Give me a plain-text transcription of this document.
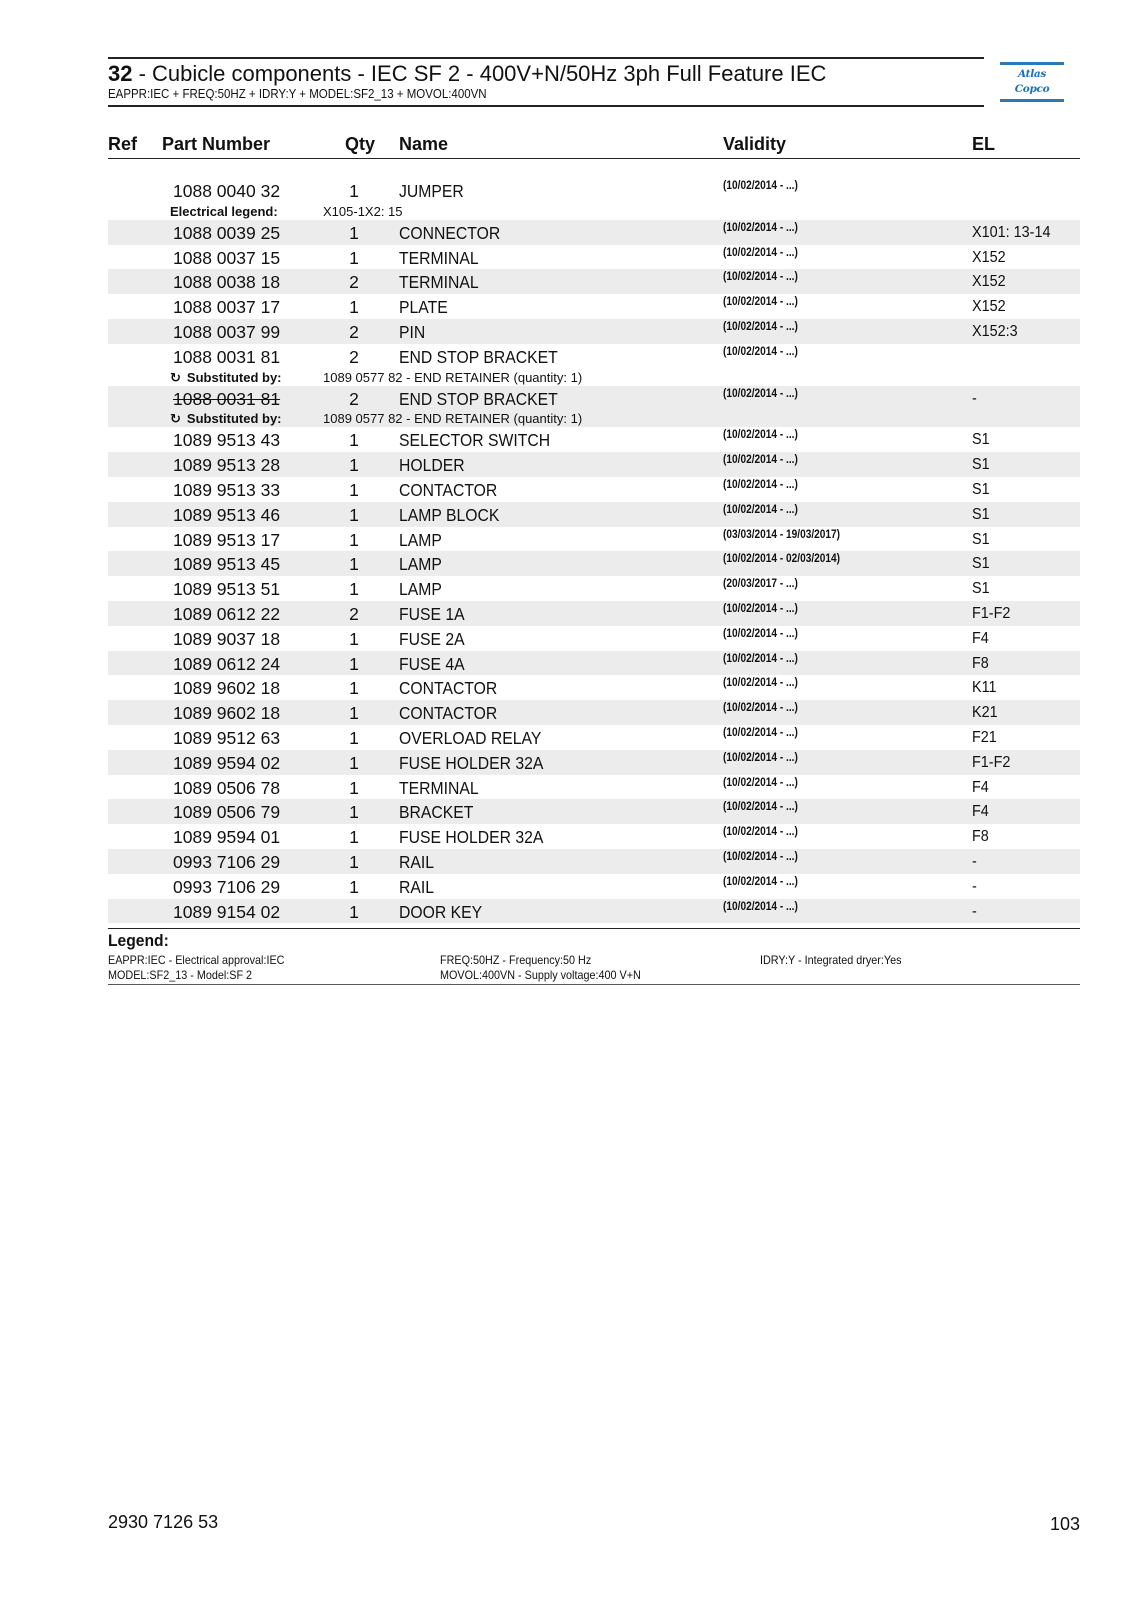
32 - Cubicle components - IEC SF 2 - 400V+N/50Hz 3ph Full Feature IEC
EAPPR:IEC + FREQ:50HZ + IDRY:Y + MODEL:SF2_13 + MOVOL:400VN
Atlas Copco
Ref Part Number	Qty Name	Validity	EL
1088 0040 32	1 JUMPER	(10/02/2014 - ...)
Electrical legend:	X105-1X2: 15
1088 0039 25	1 CONNECTOR	(10/02/2014 - ...)	X101: 13-14
1088 0037 15	1 TERMINAL	(10/02/2014 - ...)	X152
1088 0038 18	2 TERMINAL	(10/02/2014 - ...)	X152
1088 0037 17	1 PLATE	(10/02/2014 - ...)	X152
1088 0037 99	2 PIN	(10/02/2014 - ...)	X152:3
1088 0031 81	2 END STOP BRACKET	(10/02/2014 - ...)
↻ Substituted by:	1089 0577 82 - END RETAINER (quantity: 1)
1088 0031 81	2 END STOP BRACKET	(10/02/2014 - ...)	-
↻ Substituted by:	1089 0577 82 - END RETAINER (quantity: 1)
1089 9513 43	1 SELECTOR SWITCH	(10/02/2014 - ...)	S1
1089 9513 28	1 HOLDER	(10/02/2014 - ...)	S1
1089 9513 33	1 CONTACTOR	(10/02/2014 - ...)	S1
1089 9513 46	1 LAMP BLOCK	(10/02/2014 - ...)	S1
1089 9513 17	1 LAMP	(03/03/2014 - 19/03/2017)	S1
1089 9513 45	1 LAMP	(10/02/2014 - 02/03/2014)	S1
1089 9513 51	1 LAMP	(20/03/2017 - ...)	S1
1089 0612 22	2 FUSE 1A	(10/02/2014 - ...)	F1-F2
1089 9037 18	1 FUSE 2A	(10/02/2014 - ...)	F4
1089 0612 24	1 FUSE 4A	(10/02/2014 - ...)	F8
1089 9602 18	1 CONTACTOR	(10/02/2014 - ...)	K11
1089 9602 18	1 CONTACTOR	(10/02/2014 - ...)	K21
1089 9512 63	1 OVERLOAD RELAY	(10/02/2014 - ...)	F21
1089 9594 02	1 FUSE HOLDER 32A	(10/02/2014 - ...)	F1-F2
1089 0506 78	1 TERMINAL	(10/02/2014 - ...)	F4
1089 0506 79	1 BRACKET	(10/02/2014 - ...)	F4
1089 9594 01	1 FUSE HOLDER 32A	(10/02/2014 - ...)	F8
0993 7106 29	1 RAIL	(10/02/2014 - ...)	-
0993 7106 29	1 RAIL	(10/02/2014 - ...)	-
1089 9154 02	1 DOOR KEY	(10/02/2014 - ...)	-
Legend:
EAPPR:IEC - Electrical approval:IEC
MODEL:SF2_13 - Model:SF 2
FREQ:50HZ - Frequency:50 Hz
MOVOL:400VN - Supply voltage:400 V+N
IDRY:Y - Integrated dryer:Yes
2930 7126 53	103
